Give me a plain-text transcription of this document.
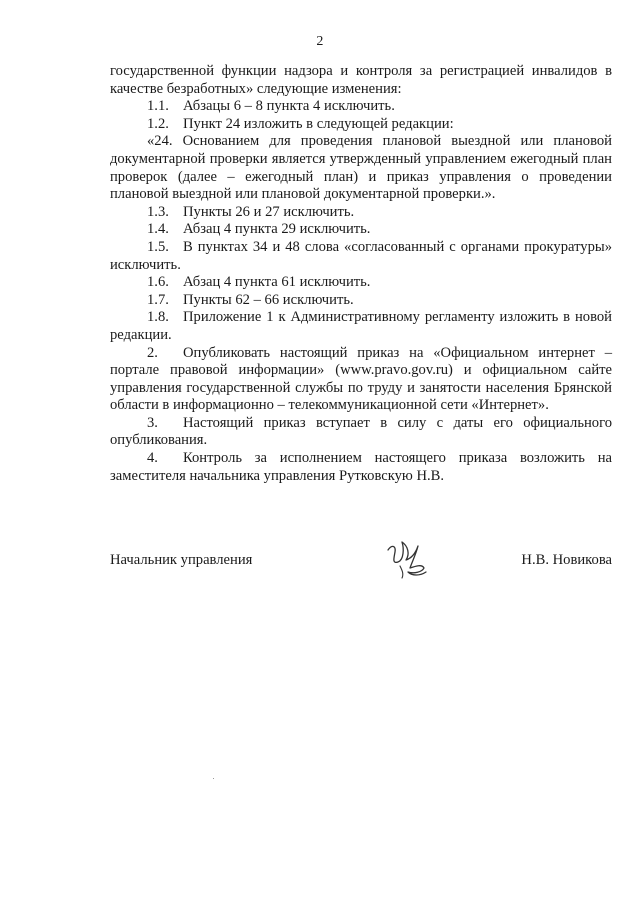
2

государственной функции надзора и контроля за регистрацией инвалидов в качестве безработных» следующие изменения:

1.1. Абзацы 6 – 8 пункта 4 исключить.
1.2. Пункт 24 изложить в следующей редакции:

«24. Основанием для проведения плановой выездной или плановой документарной проверки является утвержденный управлением ежегодный план проверок (далее – ежегодный план) и приказ управления о проведении плановой выездной или плановой документарной проверки.».

1.3. Пункты 26 и 27 исключить.
1.4. Абзац 4 пункта 29 исключить.

1.5. В пунктах 34 и 48 слова «согласованный с органами прокуратуры» исключить.

1.6. Абзац 4 пункта 61 исключить.
1.7. Пункты 62 – 66 исключить.

1.8. Приложение 1 к Административному регламенту изложить в новой редакции.

2. Опубликовать настоящий приказ на «Официальном интернет – портале правовой информации» (www.pravo.gov.ru) и официальном сайте управления государственной службы по труду и занятости населения Брянской области в информационно – телекоммуникационной сети «Интернет».

3. Настоящий приказ вступает в силу с даты его официального опубликования.

4. Контроль за исполнением настоящего приказа возложить на заместителя начальника управления Рутковскую Н.В.

Начальник управления	Н.В. Новикова
